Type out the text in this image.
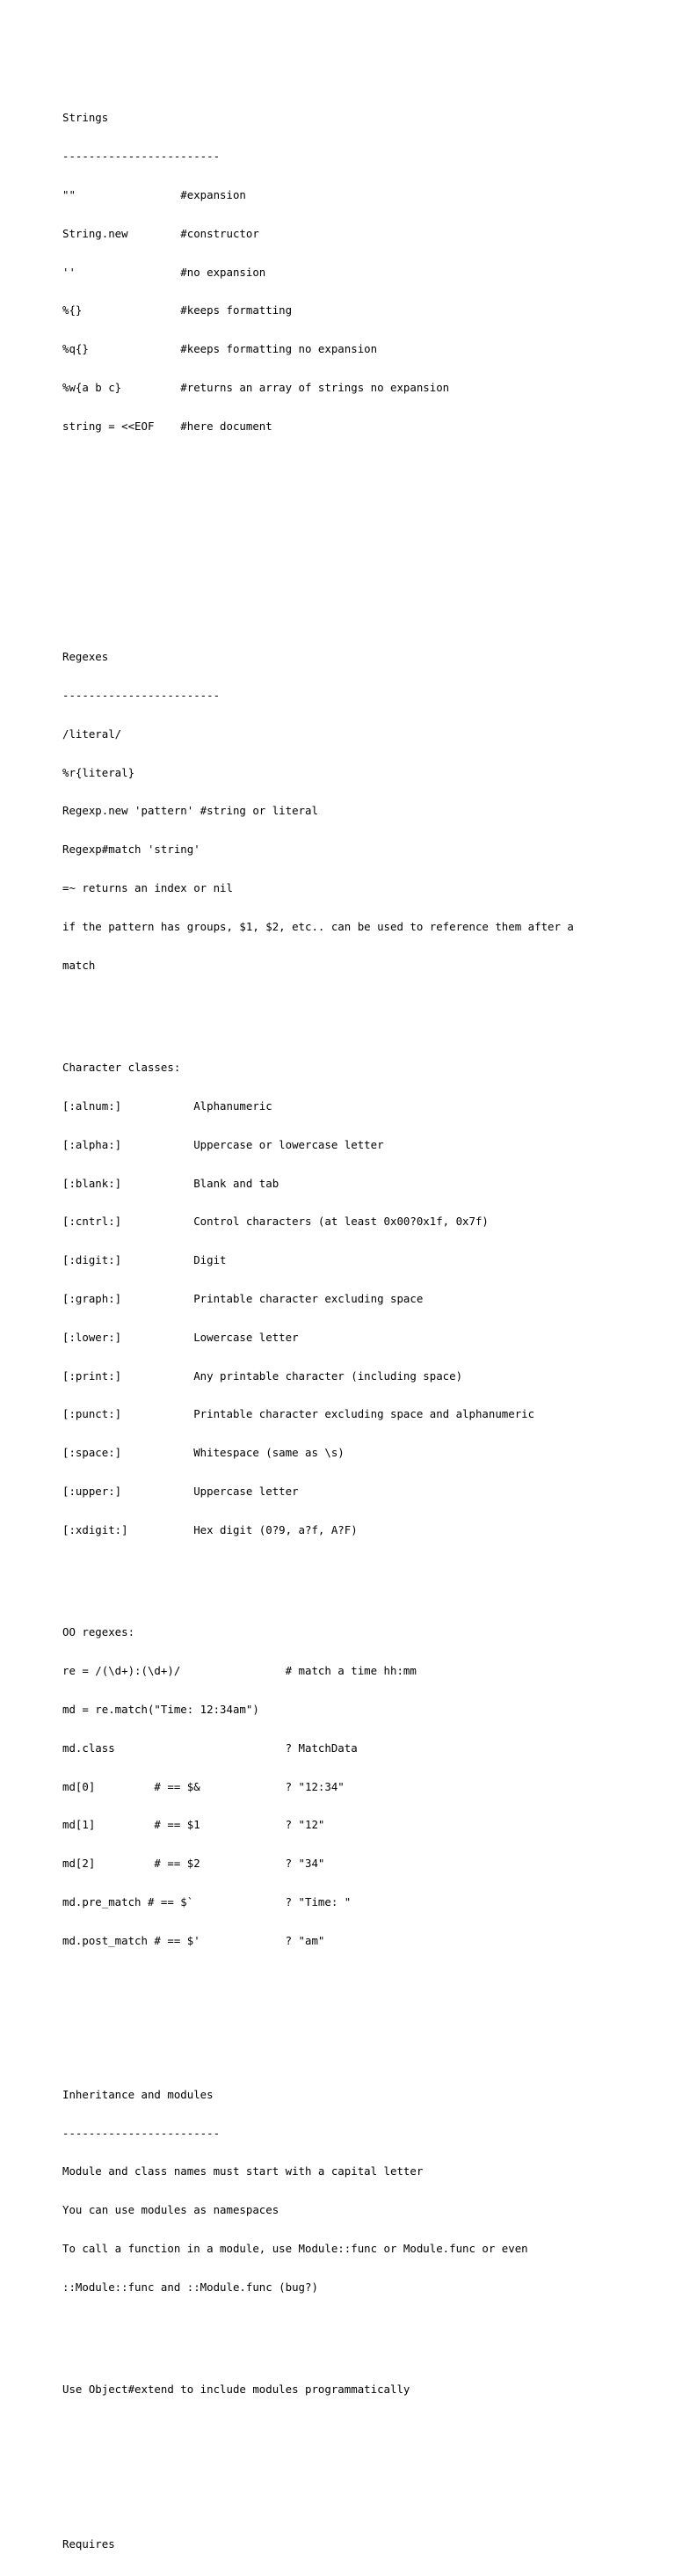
Strings

------------------------

""                #expansion

String.new        #constructor

''                #no expansion

%{}               #keeps formatting

%q{}              #keeps formatting no expansion

%w{a b c}         #returns an array of strings no expansion

string = <<EOF    #here document

Regexes

------------------------

/literal/

%r{literal}

Regexp.new 'pattern' #string or literal

Regexp#match 'string'

=~ returns an index or nil

if the pattern has groups, $1, $2, etc.. can be used to reference them after a

match

Character classes:

[:alnum:]           Alphanumeric

[:alpha:]           Uppercase or lowercase letter

[:blank:]           Blank and tab

[:cntrl:]           Control characters (at least 0x00?0x1f, 0x7f)

[:digit:]           Digit

[:graph:]           Printable character excluding space

[:lower:]           Lowercase letter

[:print:]           Any printable character (including space)

[:punct:]           Printable character excluding space and alphanumeric

[:space:]           Whitespace (same as \s)

[:upper:]           Uppercase letter

[:xdigit:]          Hex digit (0?9, a?f, A?F)

OO regexes:

re = /(\d+):(\d+)/                # match a time hh:mm

md = re.match("Time: 12:34am")

md.class                          ? MatchData

md[0]         # == $&             ? "12:34"

md[1]         # == $1             ? "12"

md[2]         # == $2             ? "34"

md.pre_match # == $`              ? "Time: "

md.post_match # == $'             ? "am"

Inheritance and modules

------------------------

Module and class names must start with a capital letter

You can use modules as namespaces

To call a function in a module, use Module::func or Module.func or even

::Module::func and ::Module.func (bug?)

Use Object#extend to include modules programmatically

Requires
